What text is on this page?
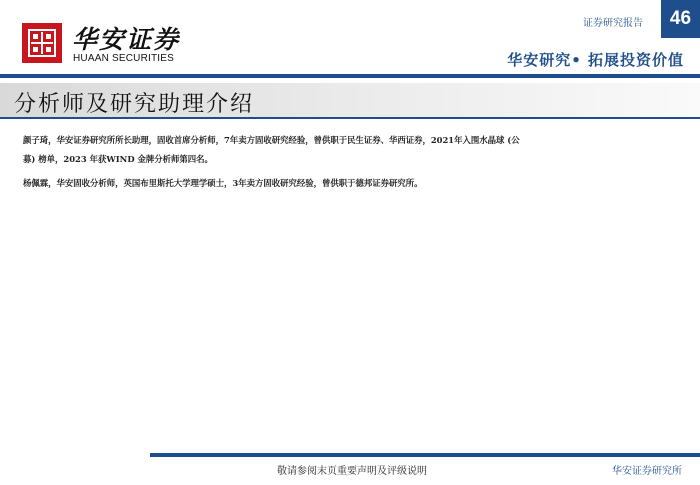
华安证券
HUAAN SECURITIES
证券研究报告 46
华安研究• 拓展投资价值
分析师及研究助理介绍

颜子琦，华安证券研究所所长助理，固收首席分析师，7年卖方固收研究经验，曾供职于民生证券、华西证券，2021年入围水晶球 (公募) 榜单，2023 年获WIND 金牌分析师第四名。

杨佩霖，华安固收分析师，英国布里斯托大学理学硕士，3年卖方固收研究经验，曾供职于德邦证券研究所。

敬请参阅末页重要声明及评级说明	华安证券研究所
